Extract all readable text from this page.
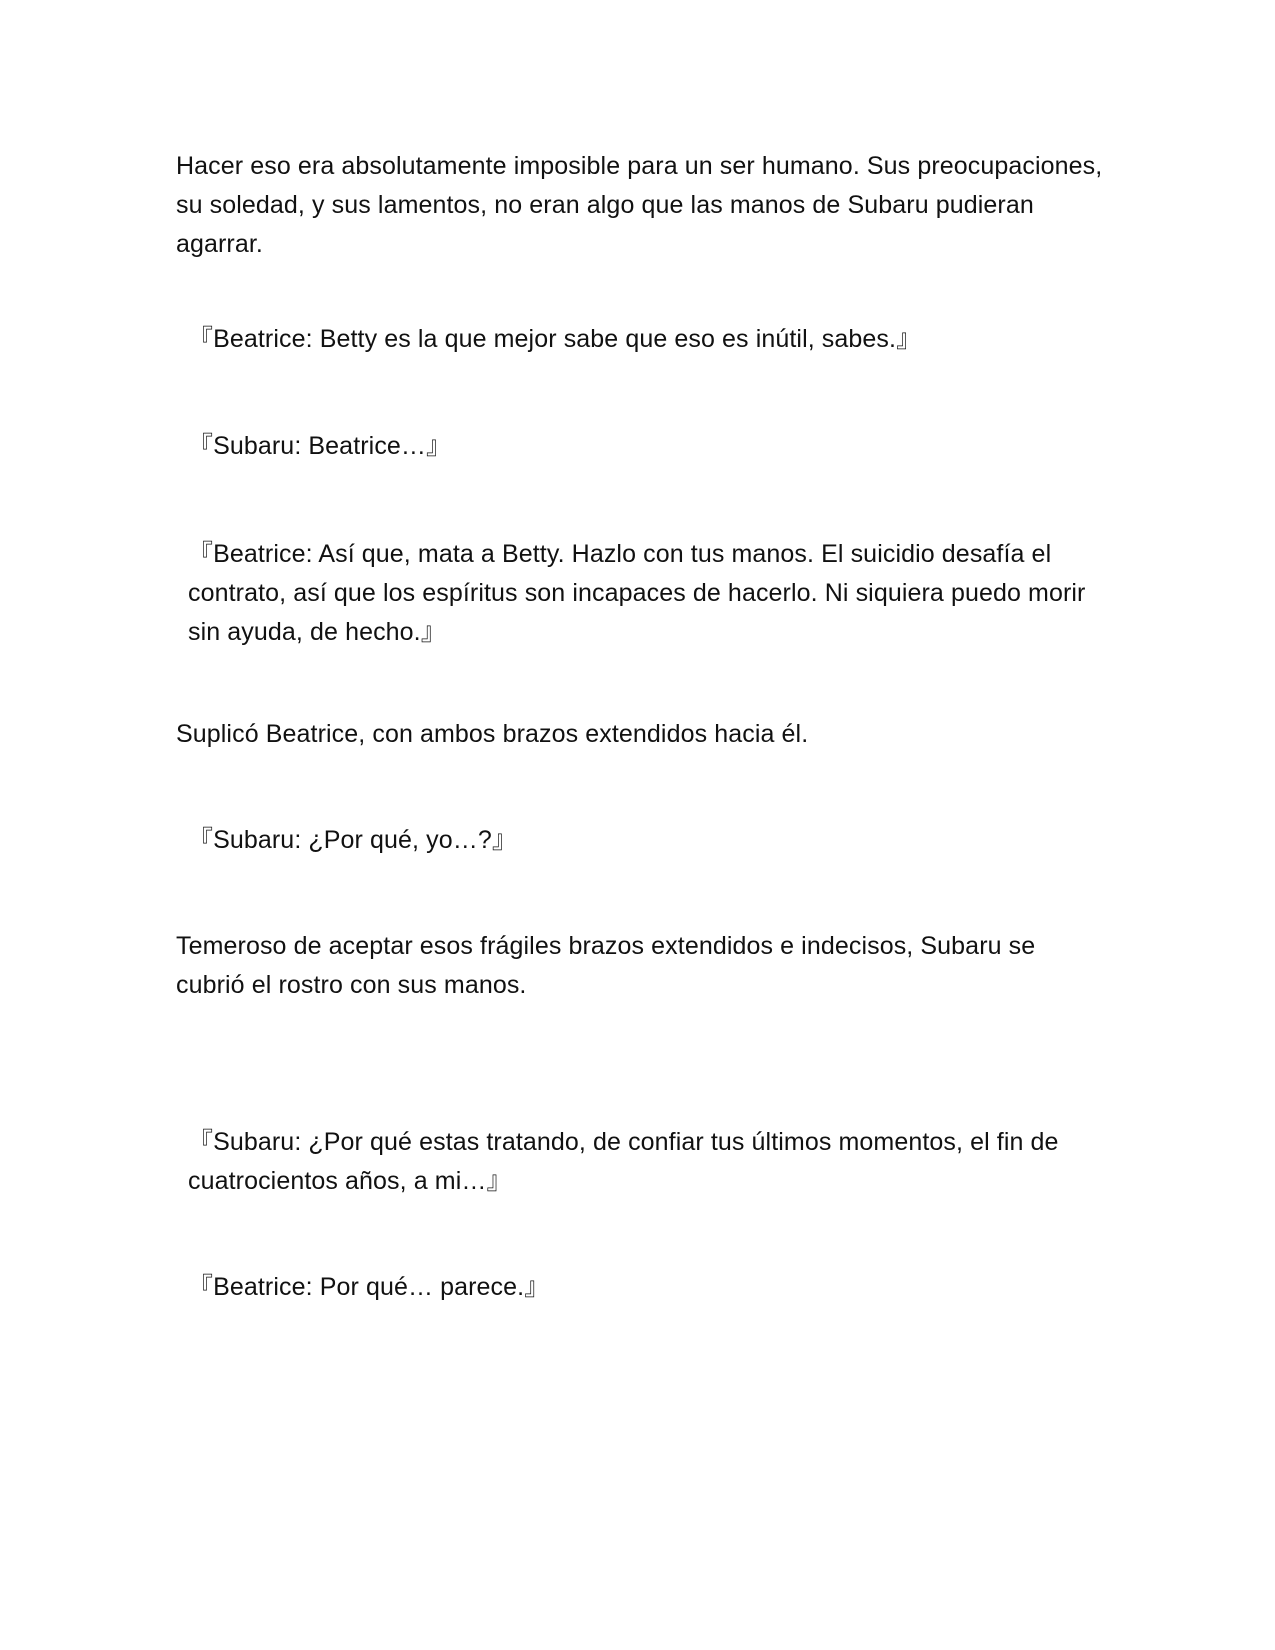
Hacer eso era absolutamente imposible para un ser humano. Sus preocupaciones, su soledad, y sus lamentos, no eran algo que las manos de Subaru pudieran agarrar.

『Beatrice: Betty es la que mejor sabe que eso es inútil, sabes.』

『Subaru: Beatrice…』

『Beatrice: Así que, mata a Betty. Hazlo con tus manos. El suicidio desafía el contrato, así que los espíritus son incapaces de hacerlo. Ni siquiera puedo morir sin ayuda, de hecho.』

Suplicó Beatrice, con ambos brazos extendidos hacia él.

『Subaru: ¿Por qué, yo…?』

Temeroso de aceptar esos frágiles brazos extendidos e indecisos, Subaru se cubrió el rostro con sus manos.

『Subaru: ¿Por qué estas tratando, de confiar tus últimos momentos, el fin de cuatrocientos años, a mi…』

『Beatrice: Por qué… parece.』
